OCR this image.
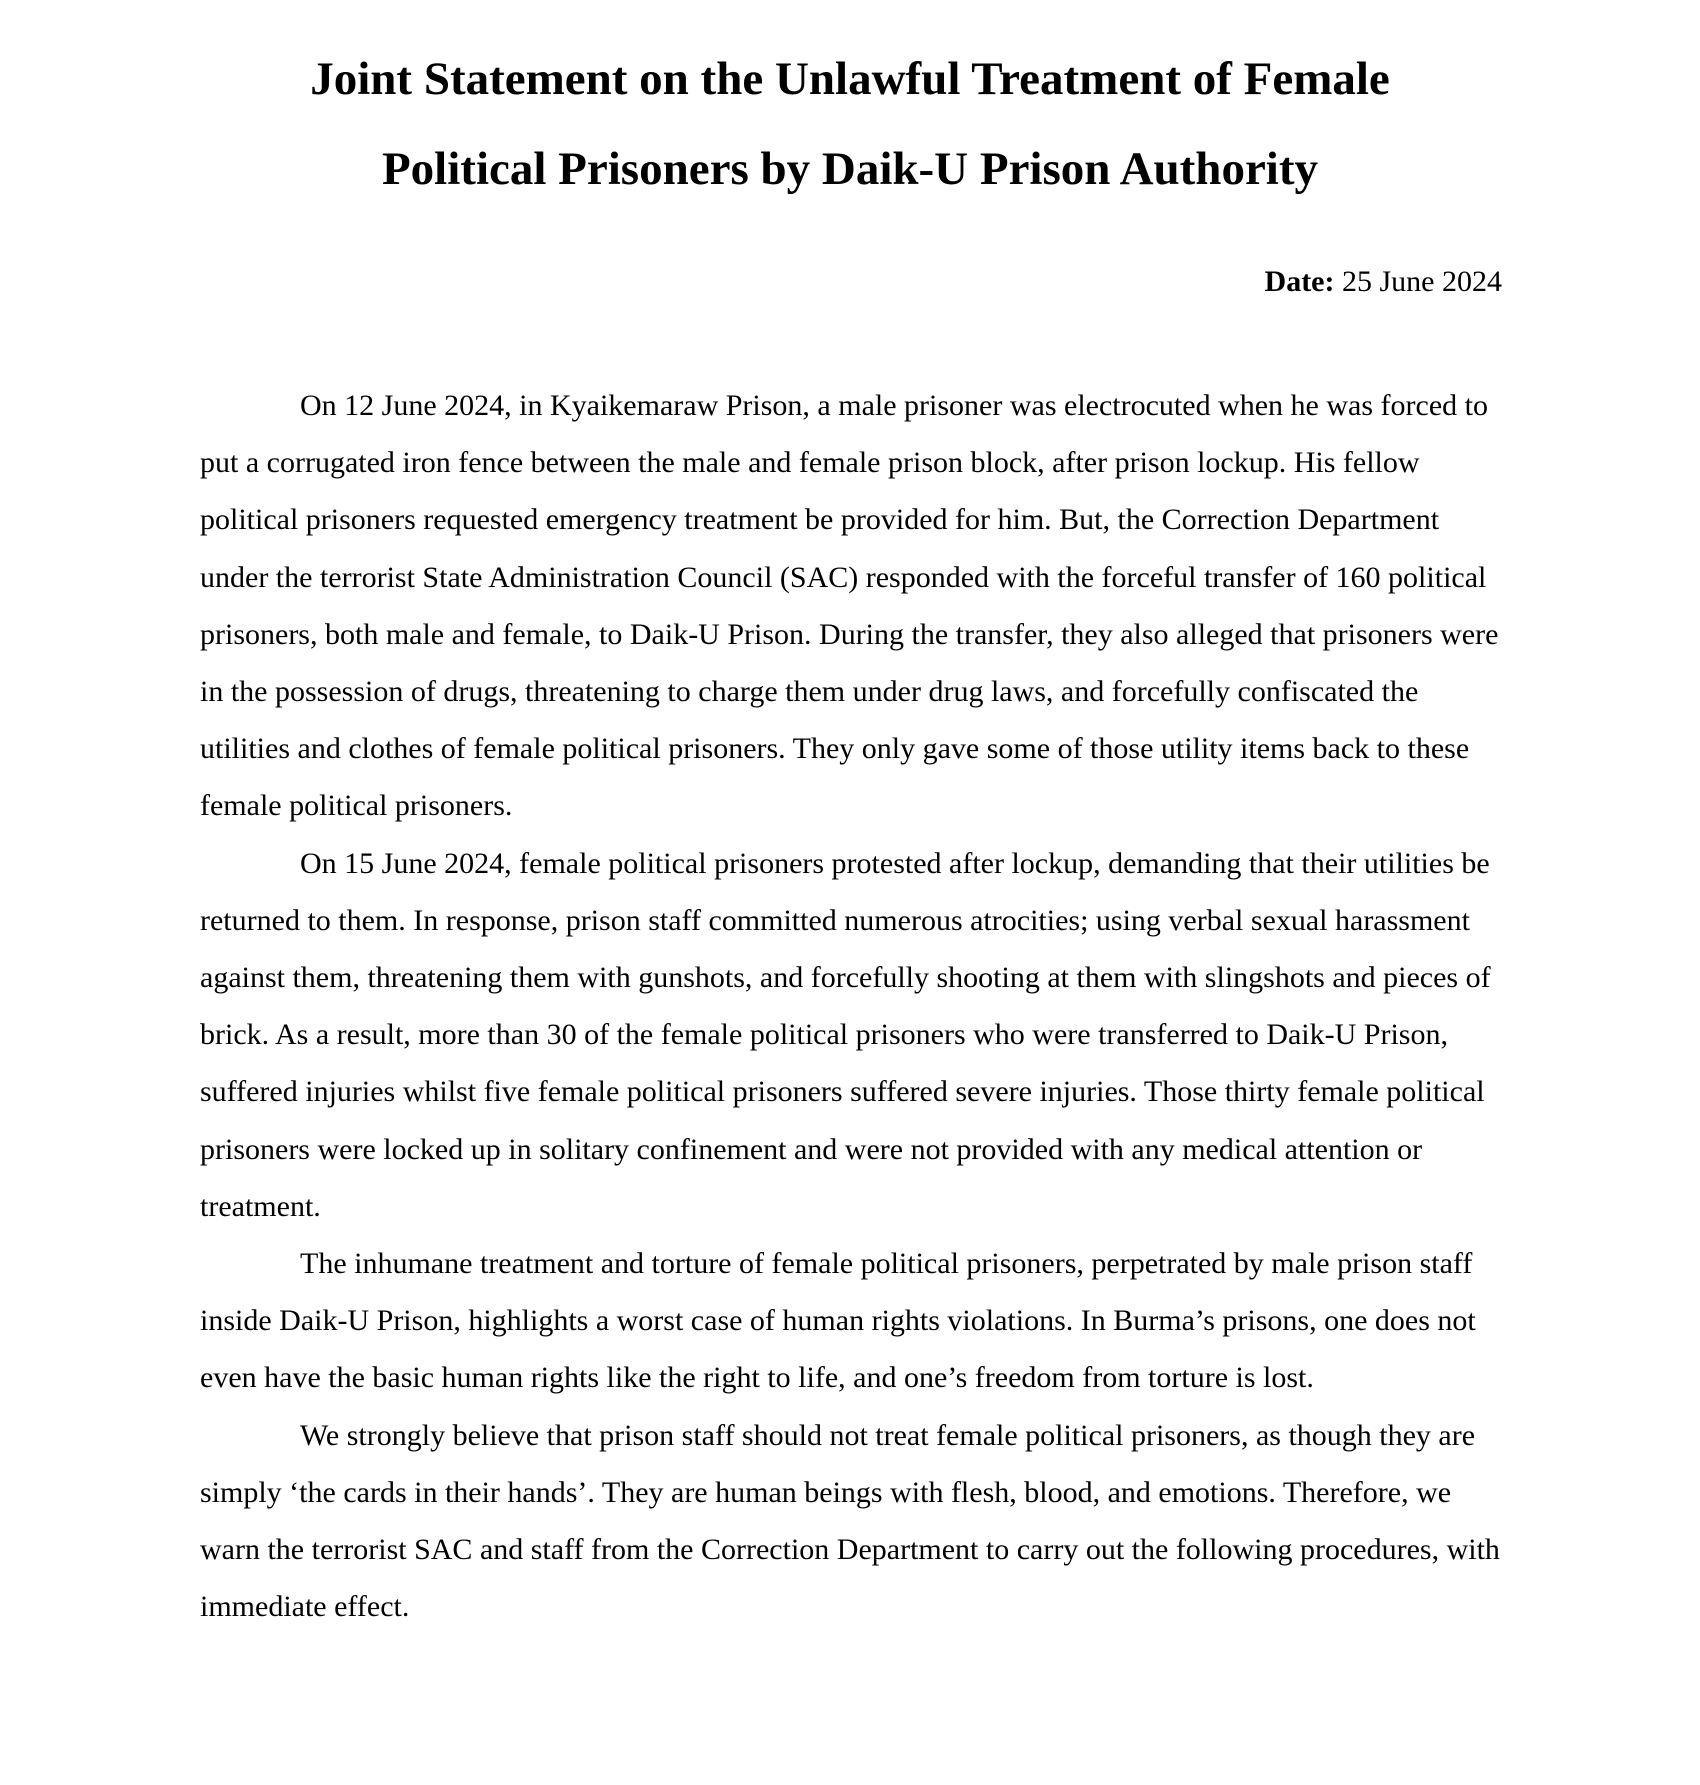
Joint Statement on the Unlawful Treatment of Female
Political Prisoners by Daik-U Prison Authority

Date: 25 June 2024

On 12 June 2024, in Kyaikemaraw Prison, a male prisoner was electrocuted when he was forced to put a corrugated iron fence between the male and female prison block, after prison lockup. His fellow political prisoners requested emergency treatment be provided for him. But, the Correction Department under the terrorist State Administration Council (SAC) responded with the forceful transfer of 160 political prisoners, both male and female, to Daik-U Prison. During the transfer, they also alleged that prisoners were in the possession of drugs, threatening to charge them under drug laws, and forcefully confiscated the utilities and clothes of female political prisoners. They only gave some of those utility items back to these female political prisoners.

On 15 June 2024, female political prisoners protested after lockup, demanding that their utilities be returned to them. In response, prison staff committed numerous atrocities; using verbal sexual harassment against them, threatening them with gunshots, and forcefully shooting at them with slingshots and pieces of brick. As a result, more than 30 of the female political prisoners who were transferred to Daik-U Prison, suffered injuries whilst five female political prisoners suffered severe injuries. Those thirty female political prisoners were locked up in solitary confinement and were not provided with any medical attention or treatment.

The inhumane treatment and torture of female political prisoners, perpetrated by male prison staff inside Daik-U Prison, highlights a worst case of human rights violations. In Burma’s prisons, one does not even have the basic human rights like the right to life, and one’s freedom from torture is lost.

We strongly believe that prison staff should not treat female political prisoners, as though they are simply ‘the cards in their hands’. They are human beings with flesh, blood, and emotions. Therefore, we warn the terrorist SAC and staff from the Correction Department to carry out the following procedures, with immediate effect.
